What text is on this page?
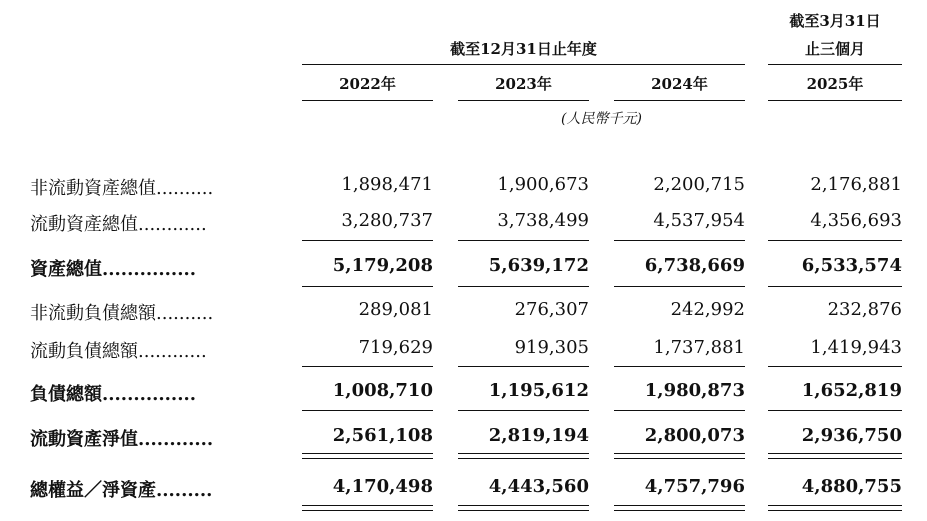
截至3月31日
止三個月
截至12月31日止年度
2022年	2023年	2024年	2025年
(人民幣千元)
非流動資產總值..........	1,898,471	1,900,673	2,200,715	2,176,881
流動資產總值............	3,280,737	3,738,499	4,537,954	4,356,693
資產總值...............	5,179,208	5,639,172	6,738,669	6,533,574
非流動負債總額..........	289,081	276,307	242,992	232,876
流動負債總額............	719,629	919,305	1,737,881	1,419,943
負債總額...............	1,008,710	1,195,612	1,980,873	1,652,819
流動資產淨值............	2,561,108	2,819,194	2,800,073	2,936,750
總權益／淨資產.........	4,170,498	4,443,560	4,757,796	4,880,755
